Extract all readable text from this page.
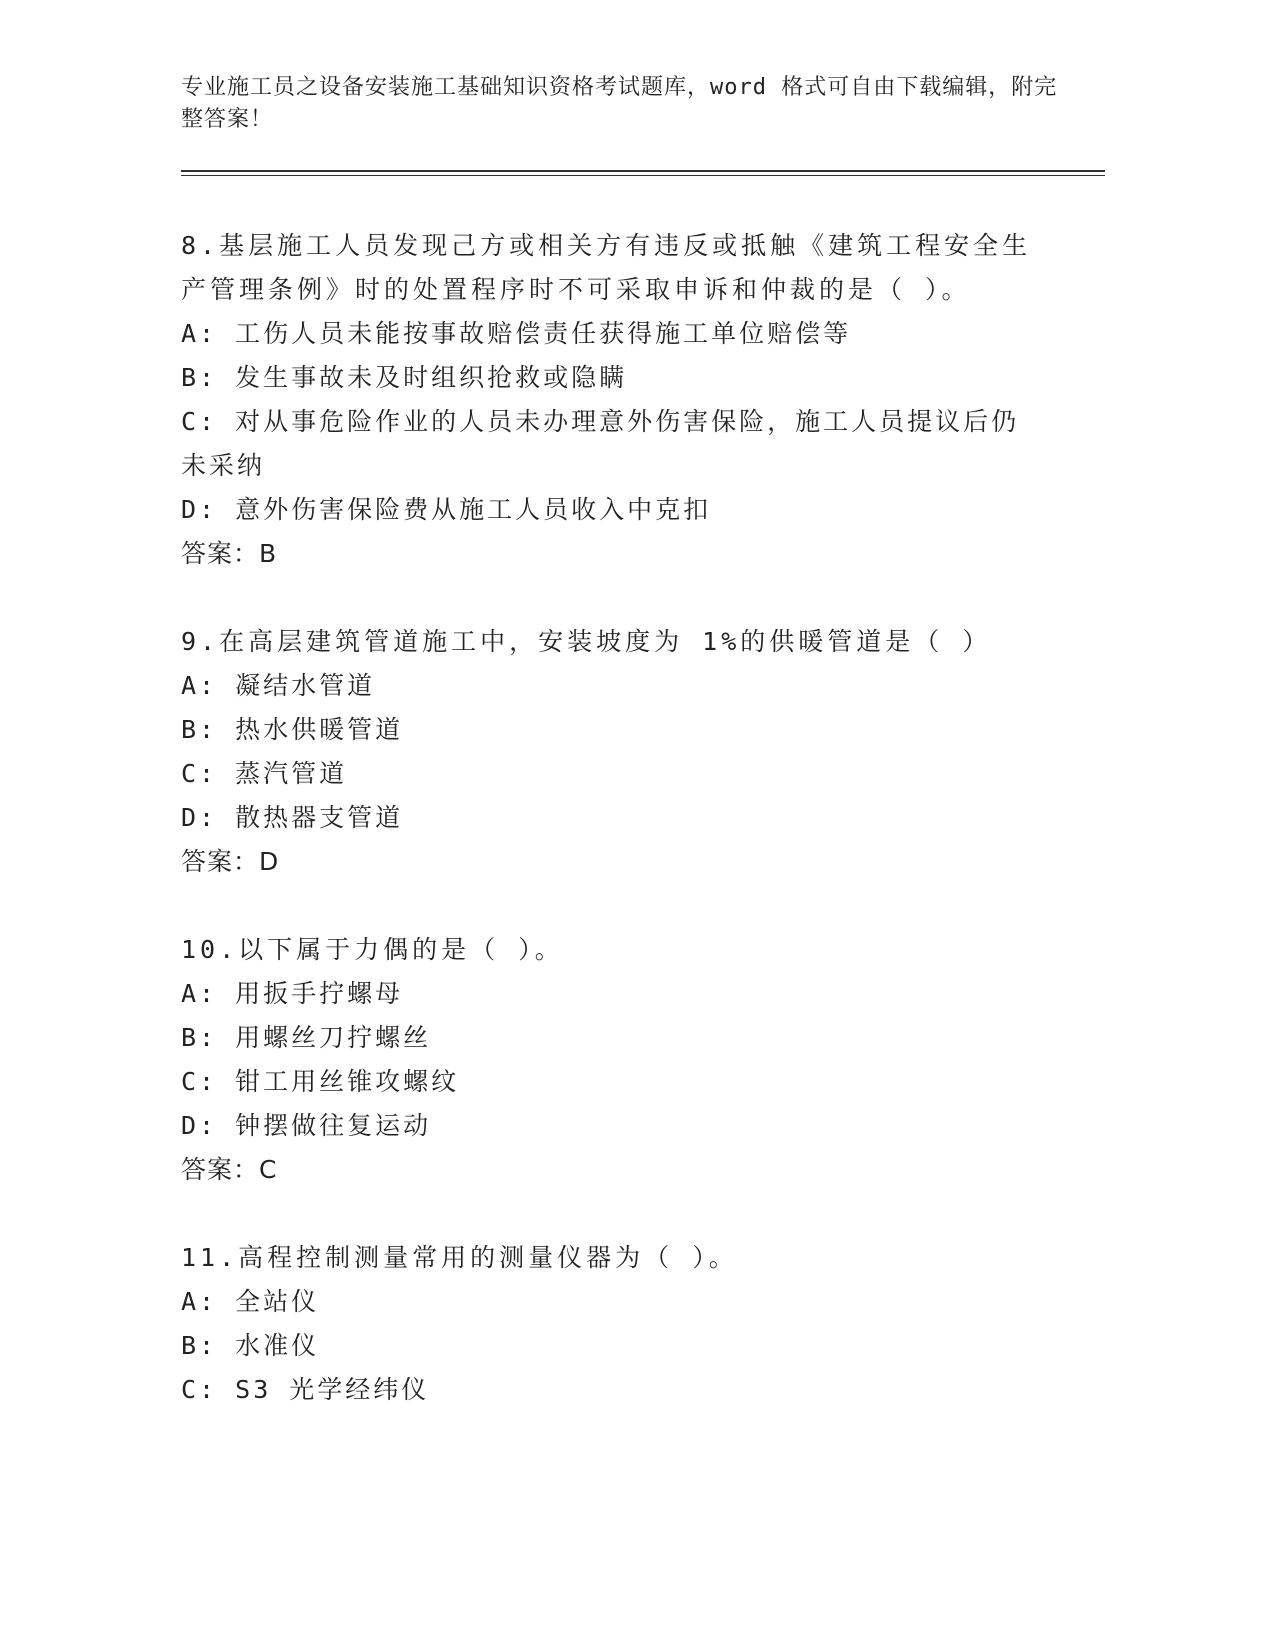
专业施工员之设备安装施工基础知识资格考试题库，word 格式可自由下载编辑，附完整答案！
8.基层施工人员发现己方或相关方有违反或抵触《建筑工程安全生产管理条例》时的处置程序时不可采取申诉和仲裁的是（ ）。
A: 工伤人员未能按事故赔偿责任获得施工单位赔偿等
B: 发生事故未及时组织抢救或隐瞒
C: 对从事危险作业的人员未办理意外伤害保险，施工人员提议后仍未采纳
D: 意外伤害保险费从施工人员收入中克扣
答案：B
9.在高层建筑管道施工中，安装坡度为 1%的供暖管道是（ ）
A: 凝结水管道
B: 热水供暖管道
C: 蒸汽管道
D: 散热器支管道
答案：D
10.以下属于力偶的是（ ）。
A: 用扳手拧螺母
B: 用螺丝刀拧螺丝
C: 钳工用丝锥攻螺纹
D: 钟摆做往复运动
答案：C
11.高程控制测量常用的测量仪器为（ ）。
A: 全站仪
B: 水准仪
C: S3 光学经纬仪
